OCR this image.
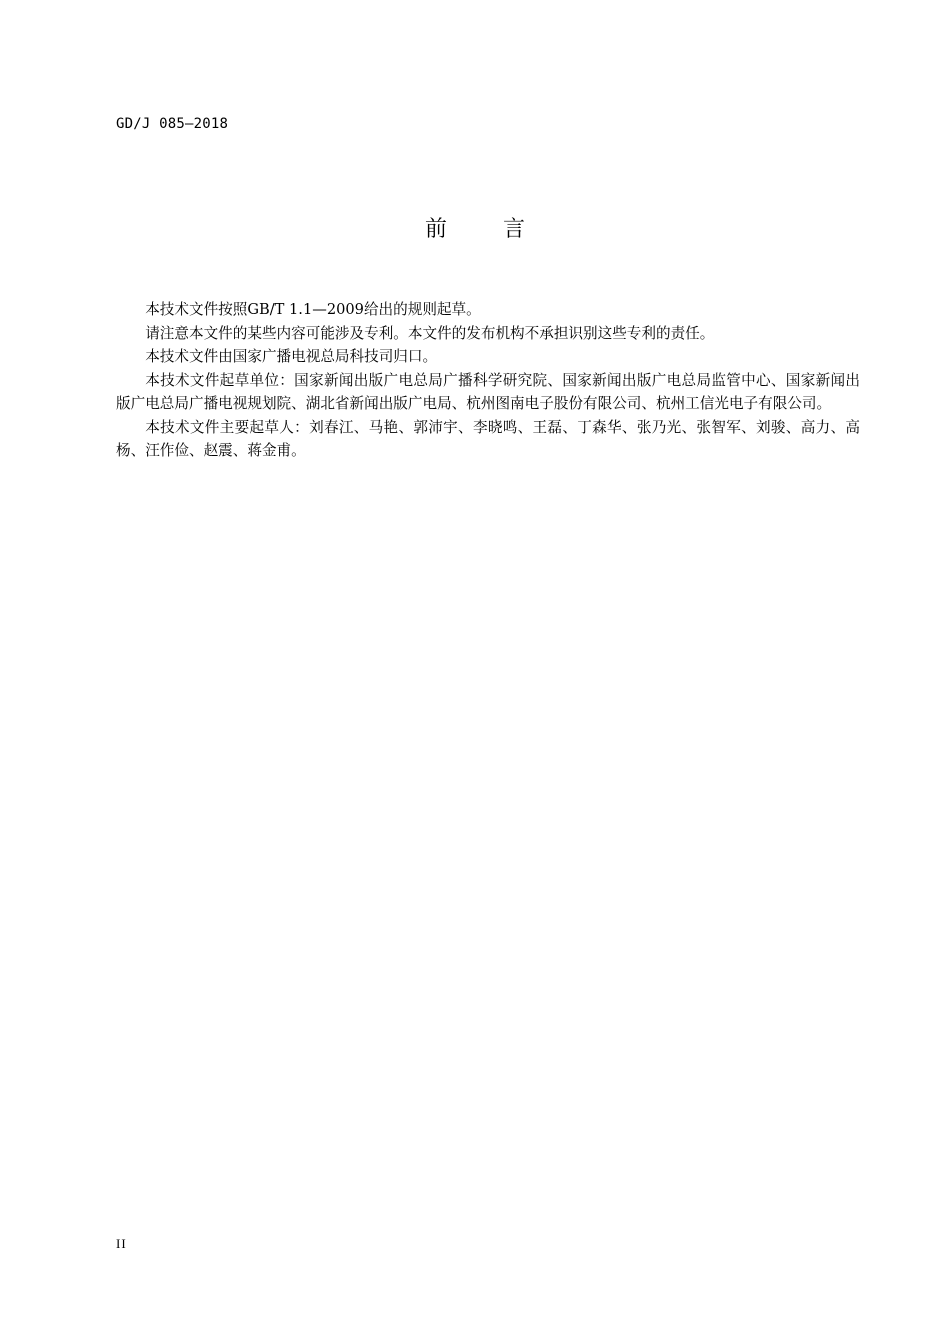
GD/J 085—2018
前	言

本技术文件按照GB/T 1.1—2009给出的规则起草。

请注意本文件的某些内容可能涉及专利。本文件的发布机构不承担识别这些专利的责任。

本技术文件由国家广播电视总局科技司归口。

本技术文件起草单位：国家新闻出版广电总局广播科学研究院、国家新闻出版广电总局监管中心、国家新闻出版广电总局广播电视规划院、湖北省新闻出版广电局、杭州图南电子股份有限公司、杭州工信光电子有限公司。

本技术文件主要起草人：刘春江、马艳、郭沛宇、李晓鸣、王磊、丁森华、张乃光、张智军、刘骏、高力、高杨、汪作俭、赵震、蒋金甫。

II
